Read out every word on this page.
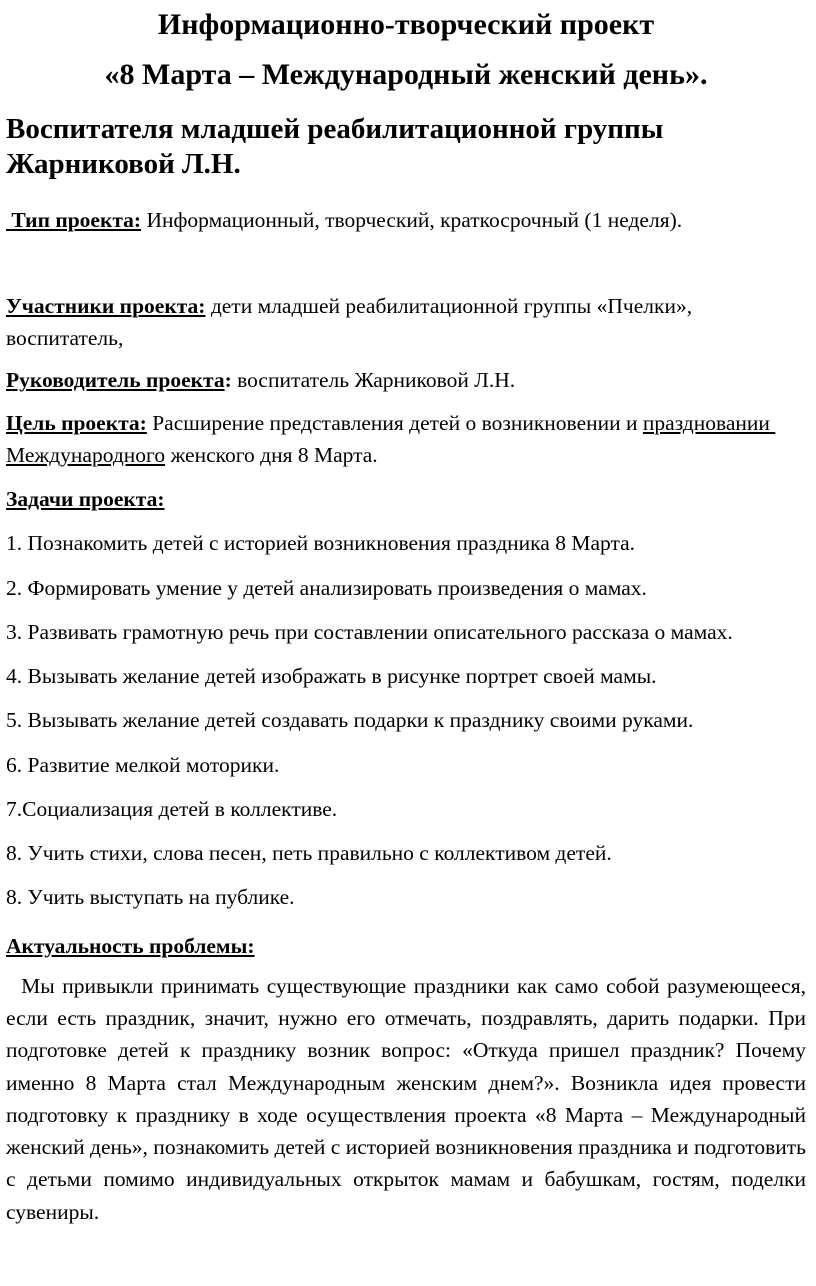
Информационно-творческий проект
«8 Марта – Международный женский день».

Воспитателя младшей реабилитационной группы Жарниковой Л.Н.

Тип проекта: Информационный, творческий, краткосрочный (1 неделя).

Участники проекта: дети младшей реабилитационной группы «Пчелки», воспитатель,

Руководитель проекта: воспитатель Жарниковой Л.Н.

Цель проекта: Расширение представления детей о возникновении и праздновании Международного женского дня 8 Марта.

Задачи проекта:

1. Познакомить детей с историей возникновения праздника 8 Марта.

2. Формировать умение у детей анализировать произведения о мамах.

3. Развивать грамотную речь при составлении описательного рассказа о мамах.

4. Вызывать желание детей изображать в рисунке портрет своей мамы.

5. Вызывать желание детей создавать подарки к празднику своими руками.

6. Развитие мелкой моторики.

7.Социализация детей в коллективе.

8. Учить стихи, слова песен, петь правильно с коллективом детей.

8. Учить выступать на публике.

Актуальность проблемы:

Мы привыкли принимать существующие праздники как само собой разумеющееся, если есть праздник, значит, нужно его отмечать, поздравлять, дарить подарки. При подготовке детей к празднику возник вопрос: «Откуда пришел праздник? Почему именно 8 Марта стал Международным женским днем?». Возникла идея провести подготовку к празднику в ходе осуществления проекта «8 Марта – Международный женский день», познакомить детей с историей возникновения праздника и подготовить с детьми помимо индивидуальных открыток мамам и бабушкам, гостям, поделки сувениры.
